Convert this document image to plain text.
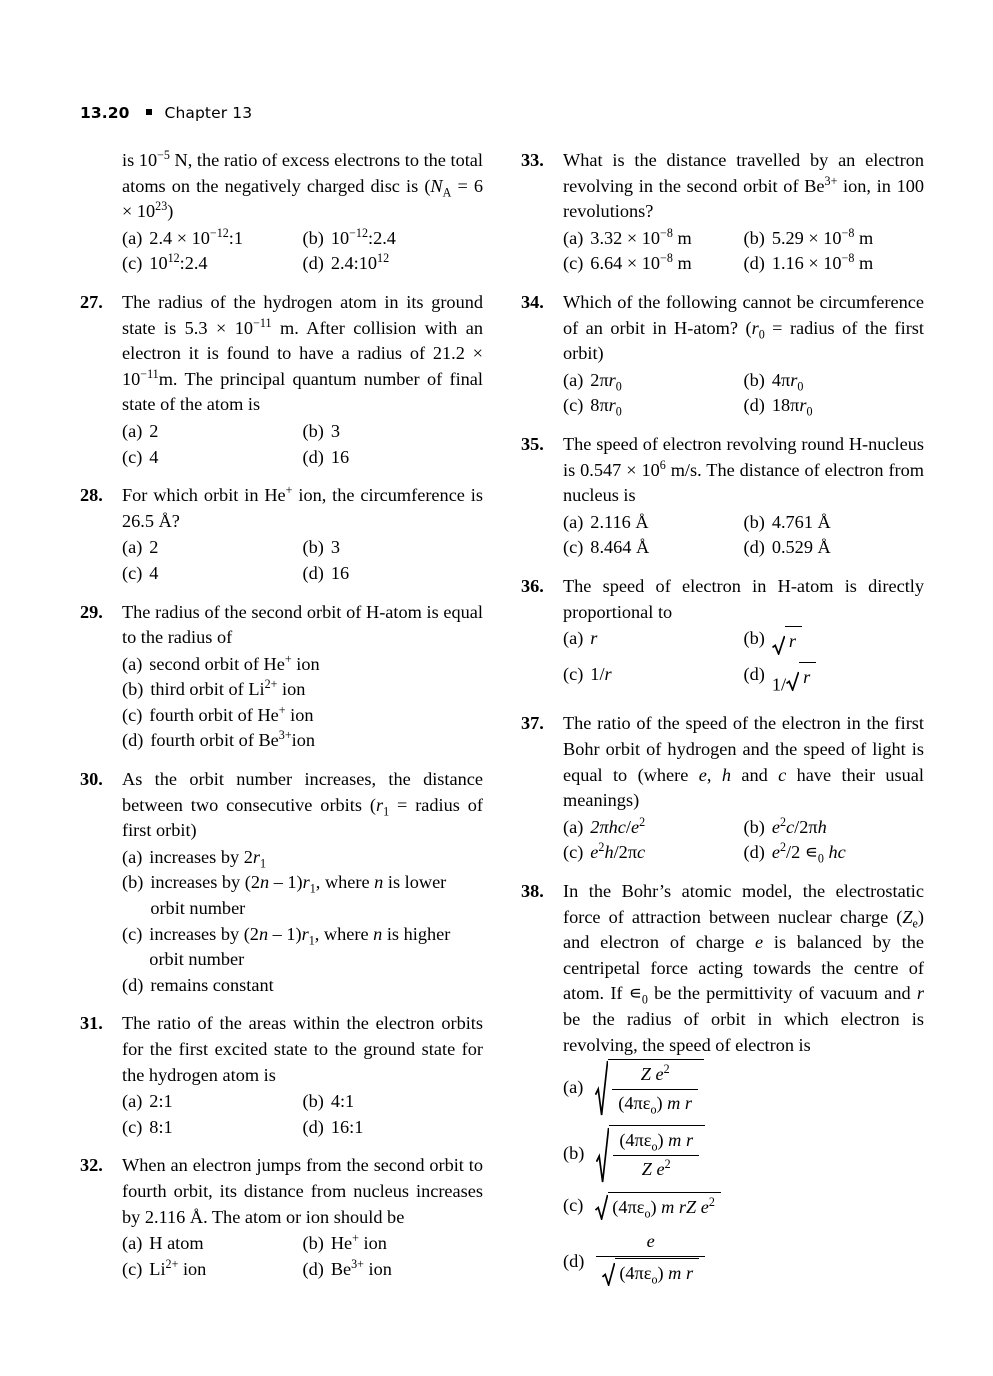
13.20 Chapter 13

is $10^{-5}$ N, the ratio of excess electrons to the total atoms on the negatively charged disc is $(N_A = 6 \times 10^{23})$

(a) $2.4 \times 10^{-12}:1$	(b) $10^{-12}:2.4$
(c) $10^{12}:2.4$	(d) $2.4:10^{12}$
27.	The radius of the hydrogen atom in its ground state is $5.3 \times 10^{-11}$ m. After collision with an electron it is found to have a radius of $21.2 \times 10^{-11}m$. The principal quantum number of final state of the atom is

(a) 2	(b) 3
(c) 4	(d) 16
28.	For which orbit in He+ ion, the circumference is 26.5 Å?

(a) 2	(b) 3
(c) 4	(d) 16
29.	The radius of the second orbit of H-atom is equal to the radius of

(a) second orbit of He+ ion
(b) third orbit of $Li^{2+}$ ion
(c) fourth orbit of He+ ion
(d) fourth orbit of $Be^{3+}ion$
30.	As the orbit number increases, the distance between two consecutive orbits ($r_1$ = radius of first orbit)

(a) increases by $2r_1$
(b) increases by $(2n - 1)r_1$, where n is lower orbit number
(c) increases by $(2n - 1)r_1$, where n is higher orbit number
(d) remains constant
31.	The ratio of the areas within the electron orbits for the first excited state to the ground state for the hydrogen atom is

(a) 2:1	(b) 4:1
(c) 8:1	(d) 16:1
32.	When an electron jumps from the second orbit to fourth orbit, its distance from nucleus increases by 2.116 Å. The atom or ion should be

(a) H atom	(b) He+ ion
(c) $Li^{2+}$ ion	(d) $Be^{3+}$ ion
33.	What is the distance travelled by an electron revolving in the second orbit of $Be^{3+}$ ion, in 100 revolutions?

(a) $3.32 \times 10^{-8}$ m	(b) $5.29 \times 10^{-8}$ m
(c) $6.64 \times 10^{-8}$ m	(d) $1.16 \times 10^{-8}$ m
34.	Which of the following cannot be circumference of an orbit in H-atom? ($r_0$ = radius of the first orbit)

(a) $2\pi r_0$	(b) $4\pi r_0$
(c) $8\pi r_0$	(d) $18\pi r_0$
35.	The speed of electron revolving round H-nucleus is $0.547 \times 10^6$ m/s. The distance of electron from nucleus is

(a) 2.116 Å	(b) 4.761 Å
(c) 8.464 Å	(d) 0.529 Å
36.	The speed of electron in H-atom is directly proportional to

(a) r	(b)	r
(c) 1/r	(d)
1/ r
37.	The ratio of the speed of the electron in the first Bohr orbit of hydrogen and the speed of light is equal to (where e, h and c have their usual meanings)

(a) $2\pi hc/e^2$	(b) $e^2c/2\pi h$
(c) $e^2h/2\pi c$	(d) $e^2/2$ $∊_0$ hc
38.	In the Bohr’s atomic model, the electrostatic force of attraction between nuclear charge $(Z_e)$ and electron of charge e is balanced by the centripetal force acting towards the centre of atom. If $∊_0$ be the permittivity of vacuum and r be the radius of orbit in which electron is revolving, the speed of electron is

(a)	$\frac{Z e^2}{(4\pi\varepsilon_o) m r}$
(b)	$\frac{(4\pi\varepsilon_o) m r}{Z e^2}$
(c)	$(4\pi\varepsilon_o)$ m rZ $e^2$
$(d) \frac{e}{(4\pi\varepsilon_o) m r}$
